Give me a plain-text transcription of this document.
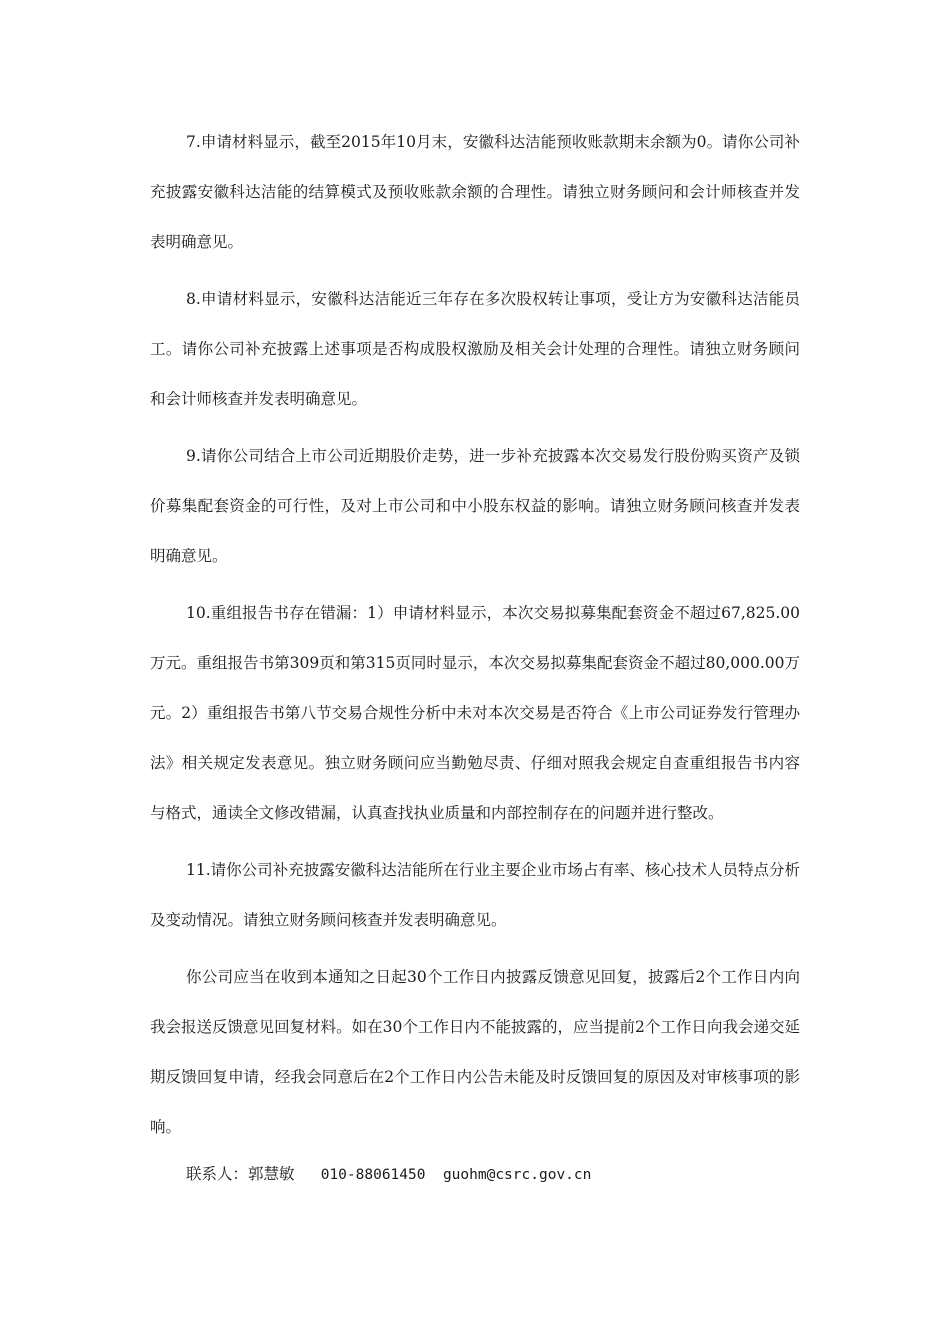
7.申请材料显示，截至2015年10月末，安徽科达洁能预收账款期末余额为0。请你公司补充披露安徽科达洁能的结算模式及预收账款余额的合理性。请独立财务顾问和会计师核查并发表明确意见。

8.申请材料显示，安徽科达洁能近三年存在多次股权转让事项，受让方为安徽科达洁能员工。请你公司补充披露上述事项是否构成股权激励及相关会计处理的合理性。请独立财务顾问和会计师核查并发表明确意见。

9.请你公司结合上市公司近期股价走势，进一步补充披露本次交易发行股份购买资产及锁价募集配套资金的可行性，及对上市公司和中小股东权益的影响。请独立财务顾问核查并发表明确意见。

10.重组报告书存在错漏：1）申请材料显示，本次交易拟募集配套资金不超过67,825.00万元。重组报告书第309页和第315页同时显示，本次交易拟募集配套资金不超过80,000.00万元。2）重组报告书第八节交易合规性分析中未对本次交易是否符合《上市公司证券发行管理办法》相关规定发表意见。独立财务顾问应当勤勉尽责、仔细对照我会规定自查重组报告书内容与格式，通读全文修改错漏，认真查找执业质量和内部控制存在的问题并进行整改。

11.请你公司补充披露安徽科达洁能所在行业主要企业市场占有率、核心技术人员特点分析及变动情况。请独立财务顾问核查并发表明确意见。

你公司应当在收到本通知之日起30个工作日内披露反馈意见回复，披露后2个工作日内向我会报送反馈意见回复材料。如在30个工作日内不能披露的，应当提前2个工作日向我会递交延期反馈回复申请，经我会同意后在2个工作日内公告未能及时反馈回复的原因及对审核事项的影响。

联系人：郭慧敏 010-88061450 guohm@csrc.gov.cn
